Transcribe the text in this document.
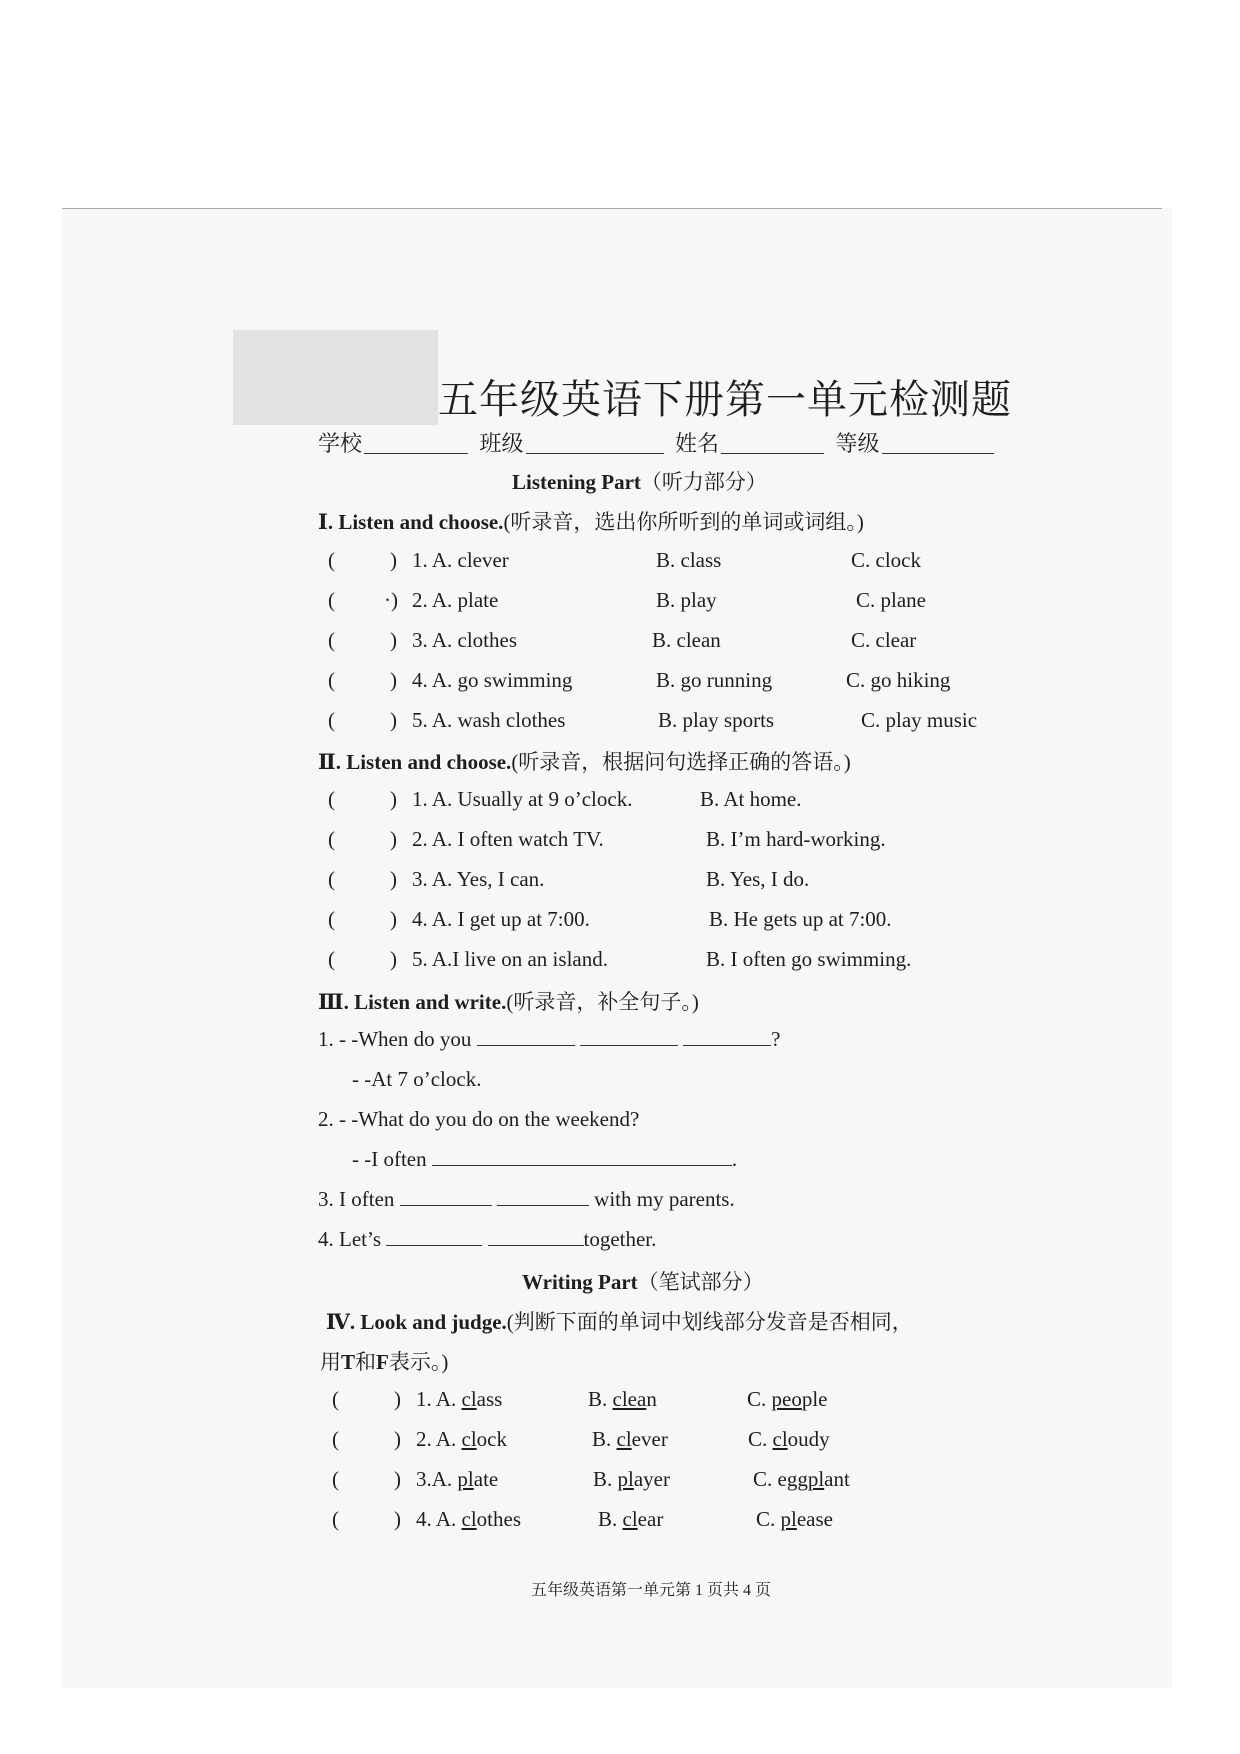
五年级英语下册第一单元检测题
学校	班级	姓名	等级
Listening Part（听力部分）
Ⅰ. Listen and choose.(听录音，选出你所听到的单词或词组。)
(	) 1. A. clever	B. class	C. clock
( ·) 2. A. plate	B. play	C. plane
(	) 3. A. clothes	B. clean	C. clear
(	) 4. A. go swimming	B. go running	C. go hiking
(	) 5. A. wash clothes	B. play sports	C. play music
Ⅱ. Listen and choose.(听录音，根据问句选择正确的答语。)
(	) 1. A. Usually at 9 o’clock.	B. At home.
(	) 2. A. I often watch TV.	B. I’m hard-working.
(	) 3. A. Yes, I can.	B. Yes, I do.
(	) 4. A. I get up at 7:00.	B. He gets up at 7:00.
(	) 5. A.I live on an island.	B. I often go swimming.
Ⅲ. Listen and write.(听录音，补全句子。)
1. - -When do you	?
- -At 7 o’clock.
2. - -What do you do on the weekend?
- -I often	.
3. I often	with my parents.
4. Let’s	together.
Writing Part（笔试部分）
Ⅳ. Look and judge.(判断下面的单词中划线部分发音是否相同，
用T和F表示。)
(	) 1. A. class	B. clean	C. people
(	) 2. A. clock	B. clever	C. cloudy
(	) 3.A. plate	B. player	C. eggplant
(	) 4. A. clothes	B. clear	C. please
五年级英语第一单元第 1 页共 4 页
